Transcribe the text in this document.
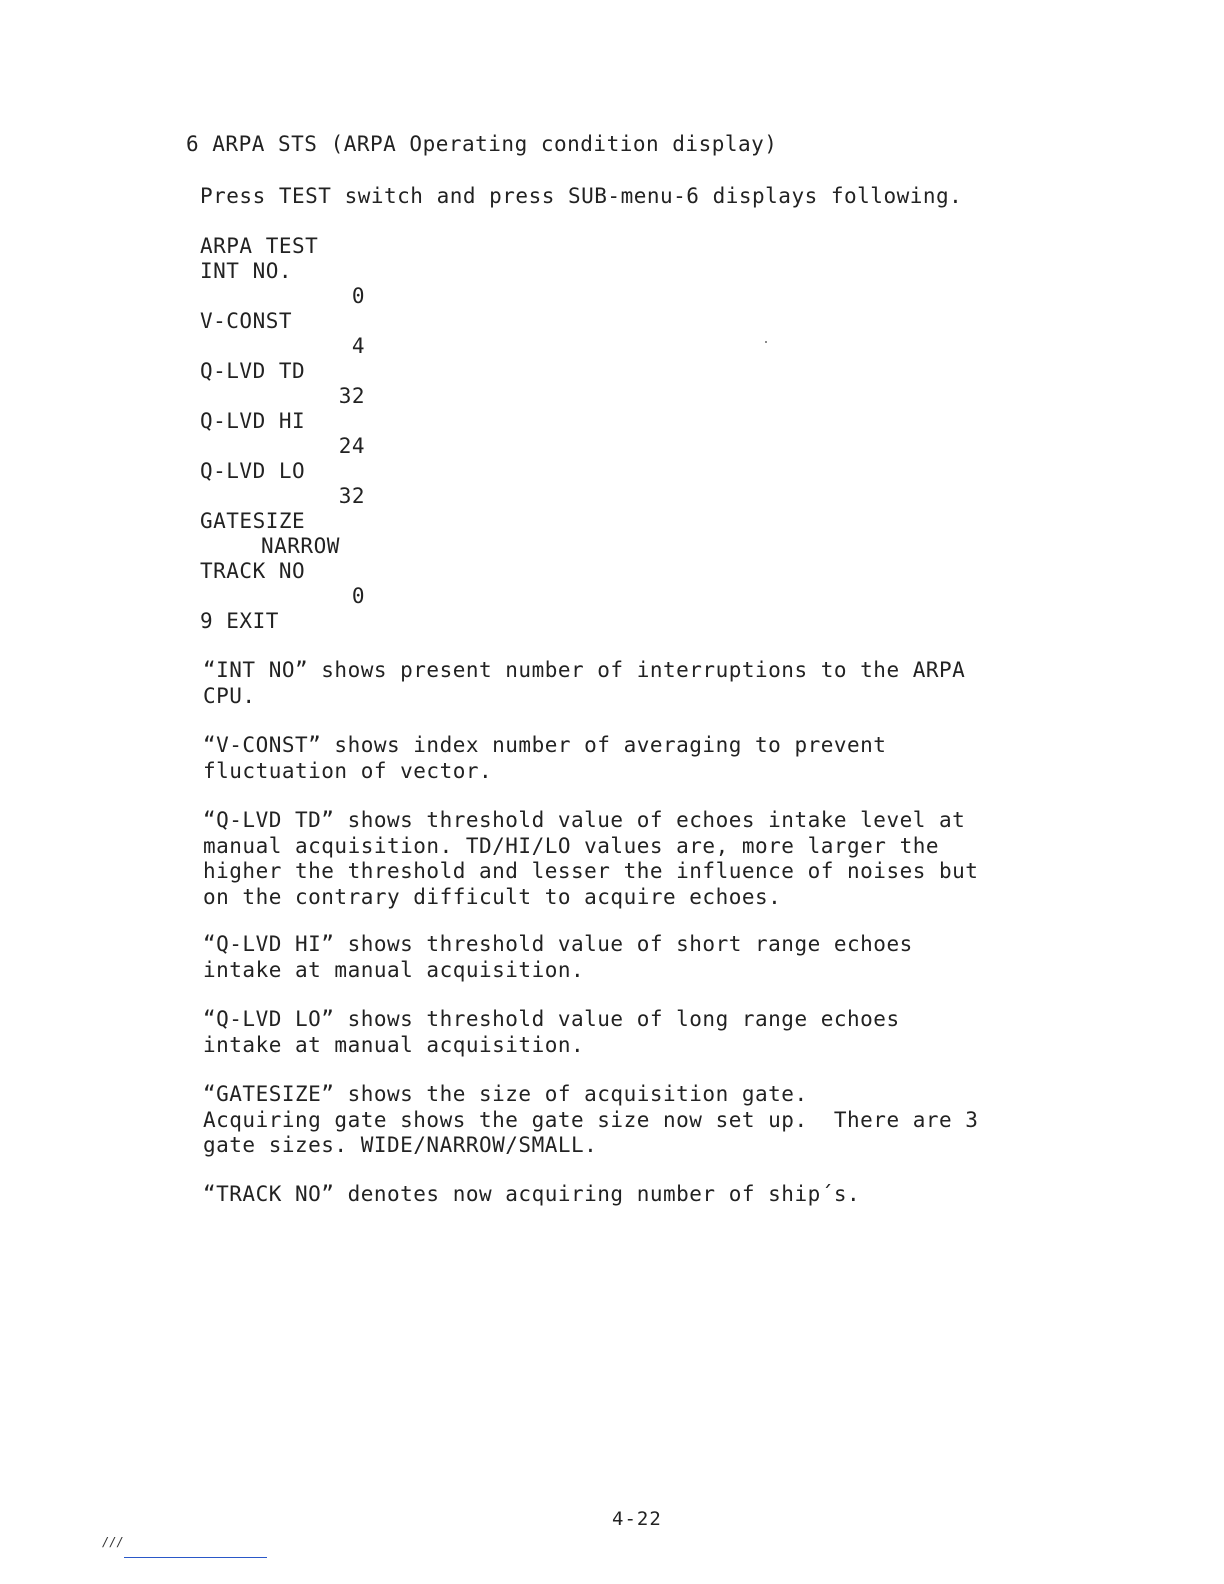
6 ARPA STS (ARPA Operating condition display)
Press TEST switch and press SUB-menu-6 displays following.
ARPA TEST
INT NO.
0
V-CONST
4
Q-LVD TD
32
Q-LVD HI
24
Q-LVD LO
32
GATESIZE
NARROW
TRACK NO
0
9 EXIT
“INT NO” shows present number of interruptions to the ARPA
CPU.
“V-CONST” shows index number of averaging to prevent
fluctuation of vector.
“Q-LVD TD” shows threshold value of echoes intake level at
manual acquisition. TD/HI/LO values are, more larger the
higher the threshold and lesser the influence of noises but
on the contrary difficult to acquire echoes.
“Q-LVD HI” shows threshold value of short range echoes
intake at manual acquisition.
“Q-LVD LO” shows threshold value of long range echoes
intake at manual acquisition.
“GATESIZE” shows the size of acquisition gate.
Acquiring gate shows the gate size now set up.  There are 3
gate sizes. WIDE/NARROW/SMALL.
“TRACK NO” denotes now acquiring number of ship´s.
4-22
///
